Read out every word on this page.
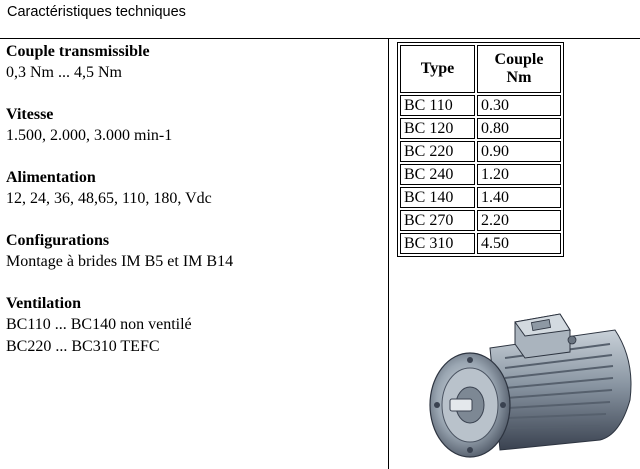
Caractéristiques techniques
Couple transmissible
0,3 Nm ... 4,5 Nm
Vitesse
1.500, 2.000, 3.000 min-1
Alimentation
12, 24, 36, 48,65, 110, 180, Vdc
Configurations
Montage à brides IM B5 et IM B14
Ventilation
BC110 ... BC140 non ventilé
BC220 ... BC310 TEFC
Type	Couple
Nm
BC 110	0.30
BC 120	0.80
BC 220	0.90
BC 240	1.20
BC 140	1.40
BC 270	2.20
BC 310	4.50
